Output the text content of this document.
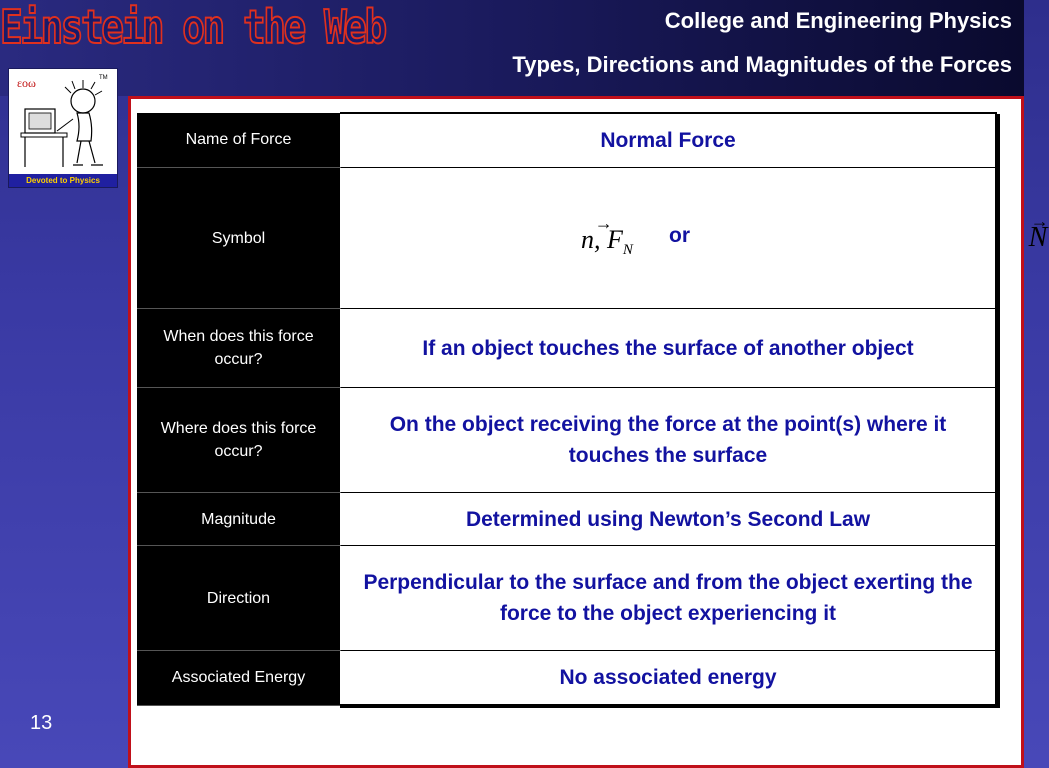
Einstein on the Web	College and Engineering Physics
Types, Directions and Magnitudes of the Forces
εοω	TM
Devoted to Physics
13
Name of Force	Normal Force
Symbol	→ n, $F_N$
or → N

When does this force occur?	If an object touches the surface of another object
Where does this force occur?	On the object receiving the force at the point(s) where it touches the surface
Magnitude	Determined using Newton’s Second Law
Direction	Perpendicular to the surface and from the object exerting the force to the object experiencing it
Associated Energy	No associated energy
